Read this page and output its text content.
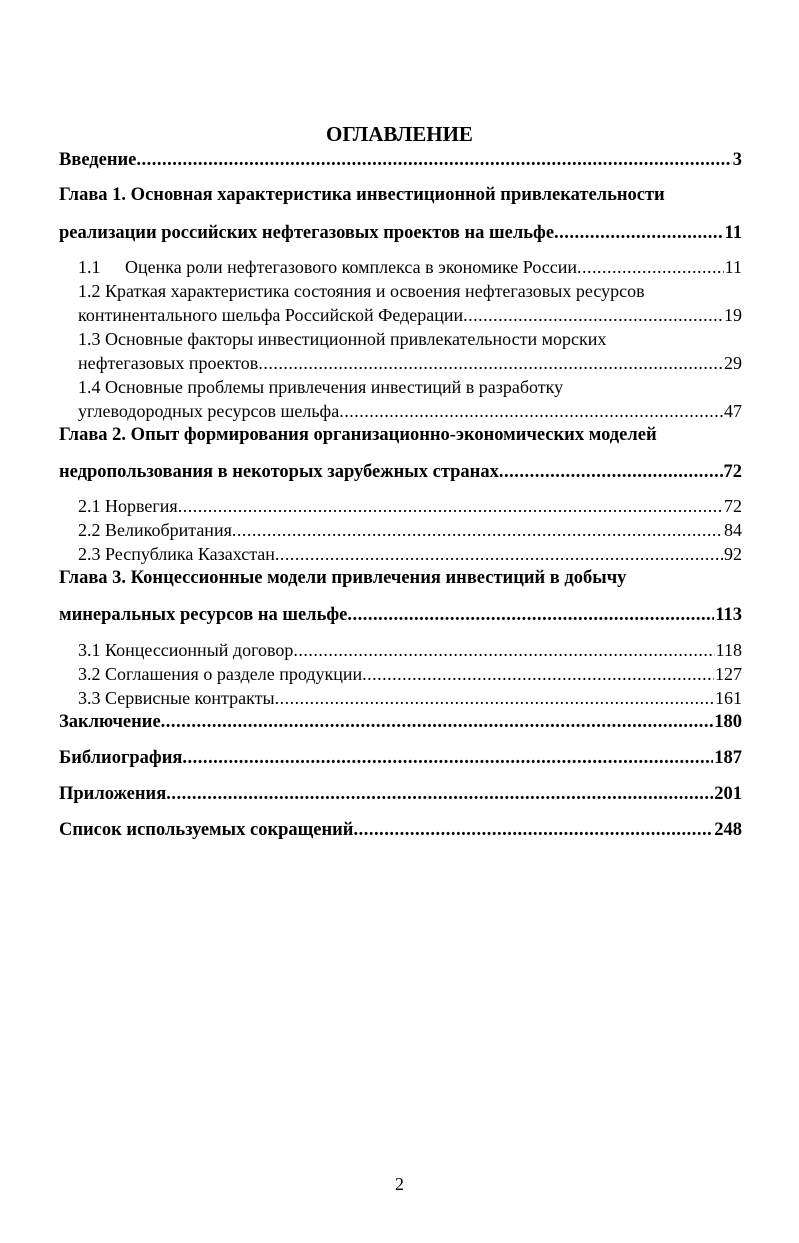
ОГЛАВЛЕНИЕ
Введение .....	3
Глава 1. Основная характеристика инвестиционной привлекательности
реализации российских нефтегазовых проектов на шельфе .....	11
1.1 Оценка роли нефтегазового комплекса в экономике России .....	11
1.2 Краткая характеристика состояния и освоения нефтегазовых ресурсов
континентального шельфа Российской Федерации .....	19
1.3 Основные факторы инвестиционной привлекательности морских
нефтегазовых проектов .....	29
1.4 Основные проблемы привлечения инвестиций в разработку
углеводородных ресурсов шельфа .....	47
Глава 2. Опыт формирования организационно-экономических моделей
недропользования в некоторых зарубежных странах .....	72
2.1 Норвегия .....	72
2.2 Великобритания .....	84
2.3 Республика Казахстан .....	92
Глава 3. Концессионные модели привлечения инвестиций в добычу
минеральных ресурсов на шельфе .....	113
3.1 Концессионный договор .....	118
3.2 Соглашения о разделе продукции .....	127
3.3 Сервисные контракты .....	161
Заключение .....	180
Библиография .....	187
Приложения .....	201
Список используемых сокращений .....	248
2
